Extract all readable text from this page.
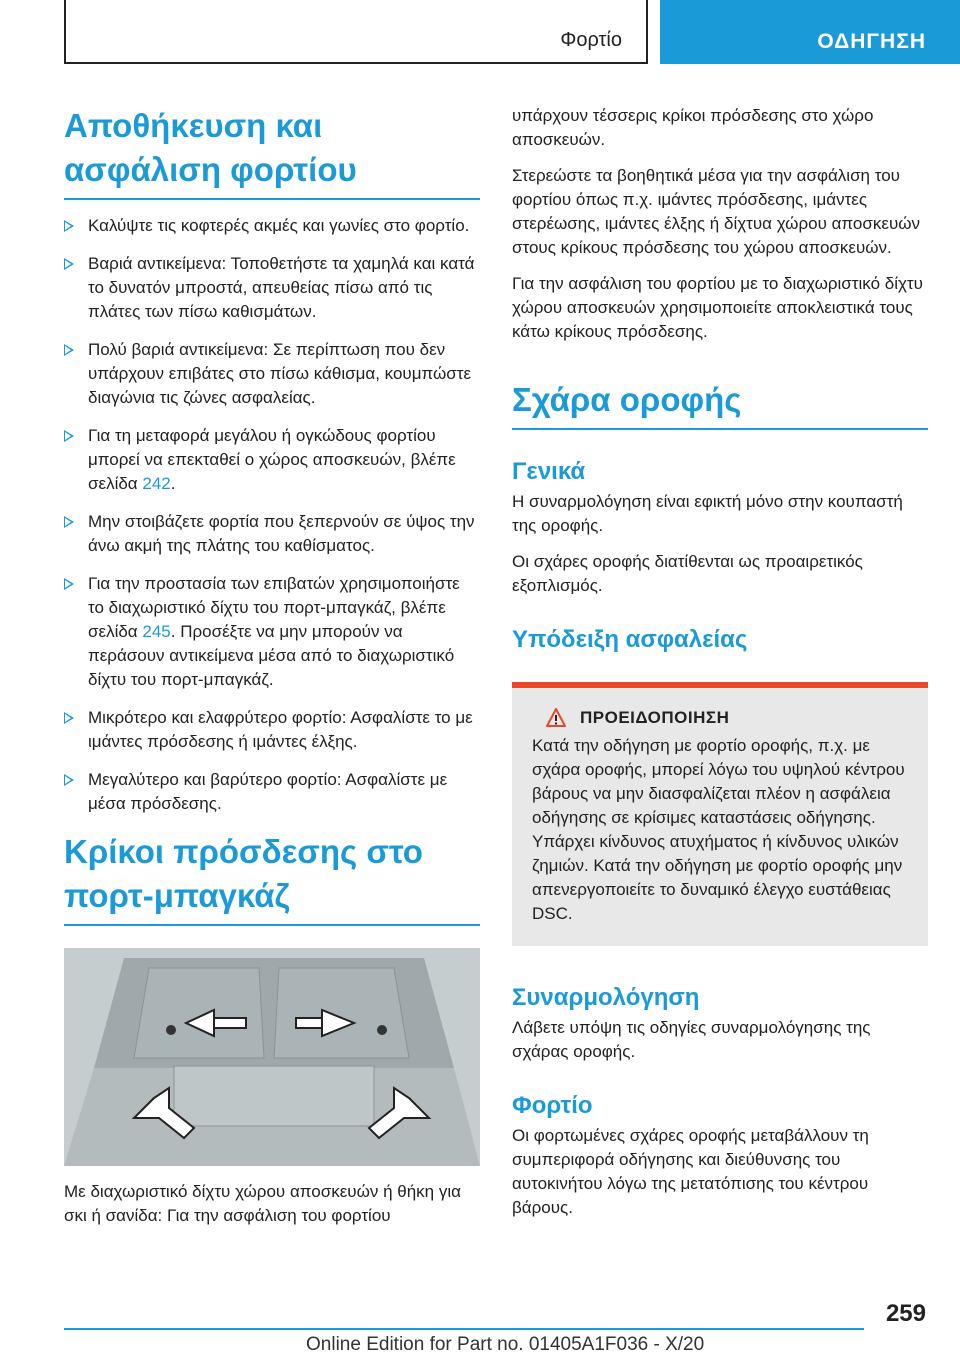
Φορτίο	ΟΔΗΓΗΣΗ
Αποθήκευση και ασφάλιση φορτίου
Καλύψτε τις κοφτερές ακμές και γωνίες στο φορτίο.
Βαριά αντικείμενα: Τοποθετήστε τα χαμηλά και κατά το δυνατόν μπροστά, απευθείας πίσω από τις πλάτες των πίσω καθισμάτων.
Πολύ βαριά αντικείμενα: Σε περίπτωση που δεν υπάρχουν επιβάτες στο πίσω κάθισμα, κουμπώστε διαγώνια τις ζώνες ασφαλείας.
Για τη μεταφορά μεγάλου ή ογκώδους φορτίου μπορεί να επεκταθεί ο χώρος αποσκευών, βλέπε σελίδα 242.
Μην στοιβάζετε φορτία που ξεπερνούν σε ύψος την άνω ακμή της πλάτης του καθίσματος.
Για την προστασία των επιβατών χρησιμοποιήστε το διαχωριστικό δίχτυ του πορτ-μπαγκάζ, βλέπε σελίδα 245. Προσέξτε να μην μπορούν να περάσουν αντικείμενα μέσα από το διαχωριστικό δίχτυ του πορτ-μπαγκάζ.
Μικρότερο και ελαφρύτερο φορτίο: Ασφαλίστε το με ιμάντες πρόσδεσης ή ιμάντες έλξης.
Μεγαλύτερο και βαρύτερο φορτίο: Ασφαλίστε με μέσα πρόσδεσης.
Κρίκοι πρόσδεσης στο πορτ-μπαγκάζ

Με διαχωριστικό δίχτυ χώρου αποσκευών ή θήκη για σκι ή σανίδα: Για την ασφάλιση του φορτίου

υπάρχουν τέσσερις κρίκοι πρόσδεσης στο χώρο αποσκευών.

Στερεώστε τα βοηθητικά μέσα για την ασφάλιση του φορτίου όπως π.χ. ιμάντες πρόσδεσης, ιμάντες στερέωσης, ιμάντες έλξης ή δίχτυα χώρου αποσκευών στους κρίκους πρόσδεσης του χώρου αποσκευών.

Για την ασφάλιση του φορτίου με το διαχωριστικό δίχτυ χώρου αποσκευών χρησιμοποιείτε αποκλειστικά τους κάτω κρίκους πρόσδεσης.

Σχάρα οροφής
Γενικά

Η συναρμολόγηση είναι εφικτή μόνο στην κουπαστή της οροφής.

Οι σχάρες οροφής διατίθενται ως προαιρετικός εξοπλισμός.

Υπόδειξη ασφαλείας
ΠΡΟΕΙΔΟΠΟΙΗΣΗ

Κατά την οδήγηση με φορτίο οροφής, π.χ. με σχάρα οροφής, μπορεί λόγω του υψηλού κέντρου βάρους να μην διασφαλίζεται πλέον η ασφάλεια οδήγησης σε κρίσιμες καταστάσεις οδήγησης. Υπάρχει κίνδυνος ατυχήματος ή κίνδυνος υλικών ζημιών. Κατά την οδήγηση με φορτίο οροφής μην απενεργοποιείτε το δυναμικό έλεγχο ευστάθειας DSC.

Συναρμολόγηση

Λάβετε υπόψη τις οδηγίες συναρμολόγησης της σχάρας οροφής.

Φορτίο

Οι φορτωμένες σχάρες οροφής μεταβάλλουν τη συμπεριφορά οδήγησης και διεύθυνσης του αυτοκινήτου λόγω της μετατόπισης του κέντρου βάρους.

259
Online Edition for Part no. 01405A1F036 - X/20
